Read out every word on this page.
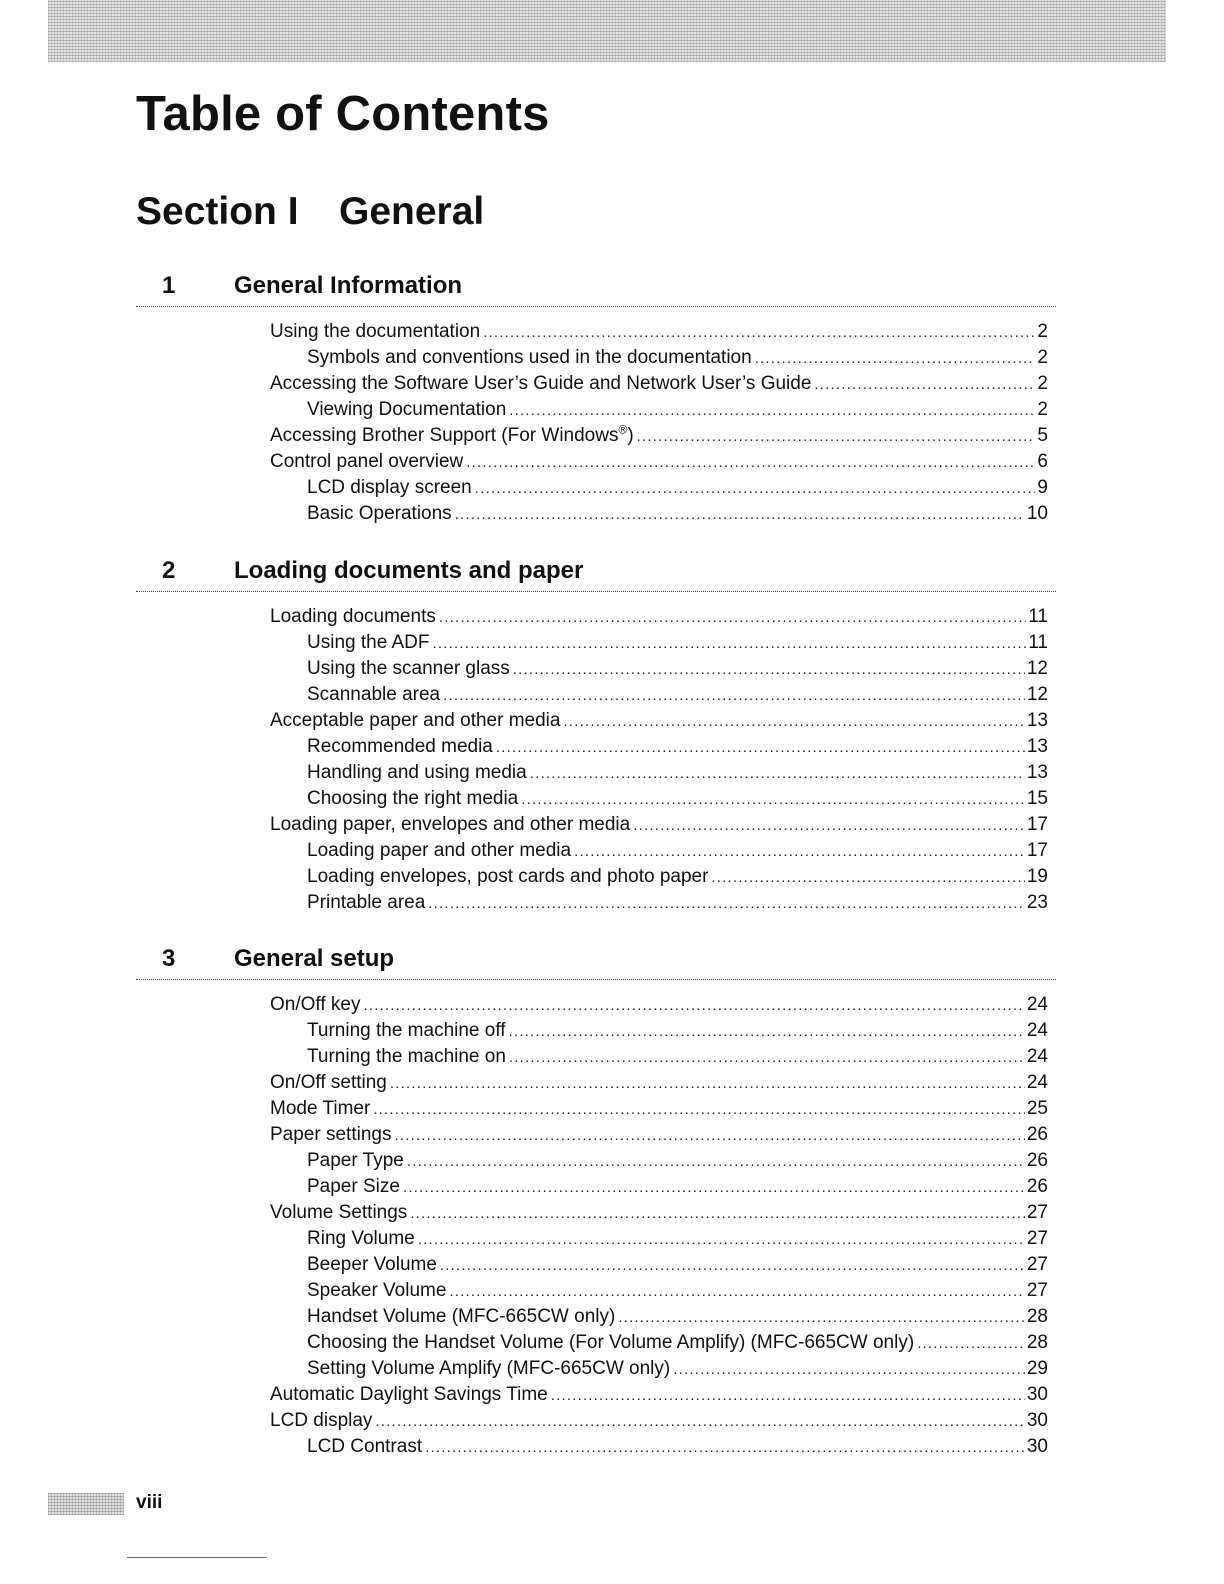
Table of Contents
Section I General
1 General Information
Using the documentation .....	2
Symbols and conventions used in the documentation .....	2
Accessing the Software User’s Guide and Network User’s Guide .....	2
Viewing Documentation .....	2
Accessing Brother Support (For Windows®) .....	5
Control panel overview .....	6
LCD display screen .....	9
Basic Operations .....	10
2 Loading documents and paper
Loading documents .....	11
Using the ADF .....	11
Using the scanner glass .....	12
Scannable area .....	12
Acceptable paper and other media .....	13
Recommended media .....	13
Handling and using media .....	13
Choosing the right media .....	15
Loading paper, envelopes and other media .....	17
Loading paper and other media .....	17
Loading envelopes, post cards and photo paper .....	19
Printable area .....	23
3 General setup
On/Off key .....	24
Turning the machine off .....	24
Turning the machine on .....	24
On/Off setting .....	24
Mode Timer .....	25
Paper settings .....	26
Paper Type .....	26
Paper Size .....	26
Volume Settings .....	27
Ring Volume .....	27
Beeper Volume .....	27
Speaker Volume .....	27
Handset Volume (MFC-665CW only) .....	28
Choosing the Handset Volume (For Volume Amplify) (MFC-665CW only) .....	28
Setting Volume Amplify (MFC-665CW only) .....	29
Automatic Daylight Savings Time .....	30
LCD display .....	30
LCD Contrast .....	30
viii
